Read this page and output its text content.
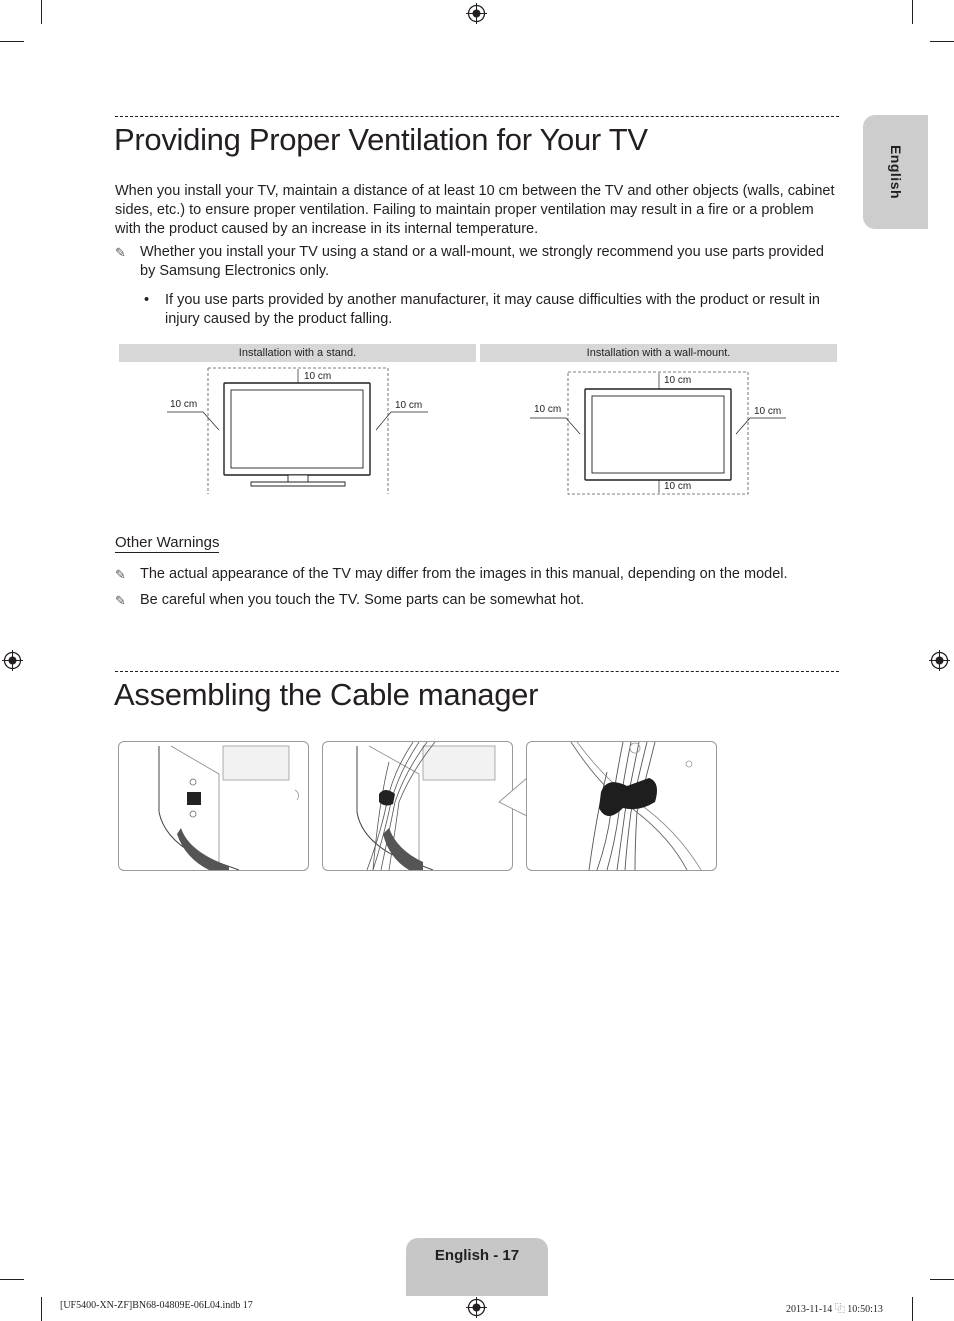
English
Providing Proper Ventilation for Your TV

When you install your TV, maintain a distance of at least 10 cm between the TV and other objects (walls, cabinet sides, etc.) to ensure proper ventilation. Failing to maintain proper ventilation may result in a fire or a problem with the product caused by an increase in its internal temperature.

✎ Whether you install your TV using a stand or a wall-mount, we strongly recommend you use parts provided by Samsung Electronics only.
• If you use parts provided by another manufacturer, it may cause difficulties with the product or result in injury caused by the product falling.
Installation with a stand.	Installation with a wall-mount.
10 cm
10 cm	10 cm
10 cm
10 cm	10 cm
10 cm
Other Warnings
✎ The actual appearance of the TV may differ from the images in this manual, depending on the model.
✎ Be careful when you touch the TV. Some parts can be somewhat hot.
Assembling the Cable manager
English - 17
[UF5400-XN-ZF]BN68-04809E-06L04.indb 17	2013-11-14 ⿻ 10:50:13
